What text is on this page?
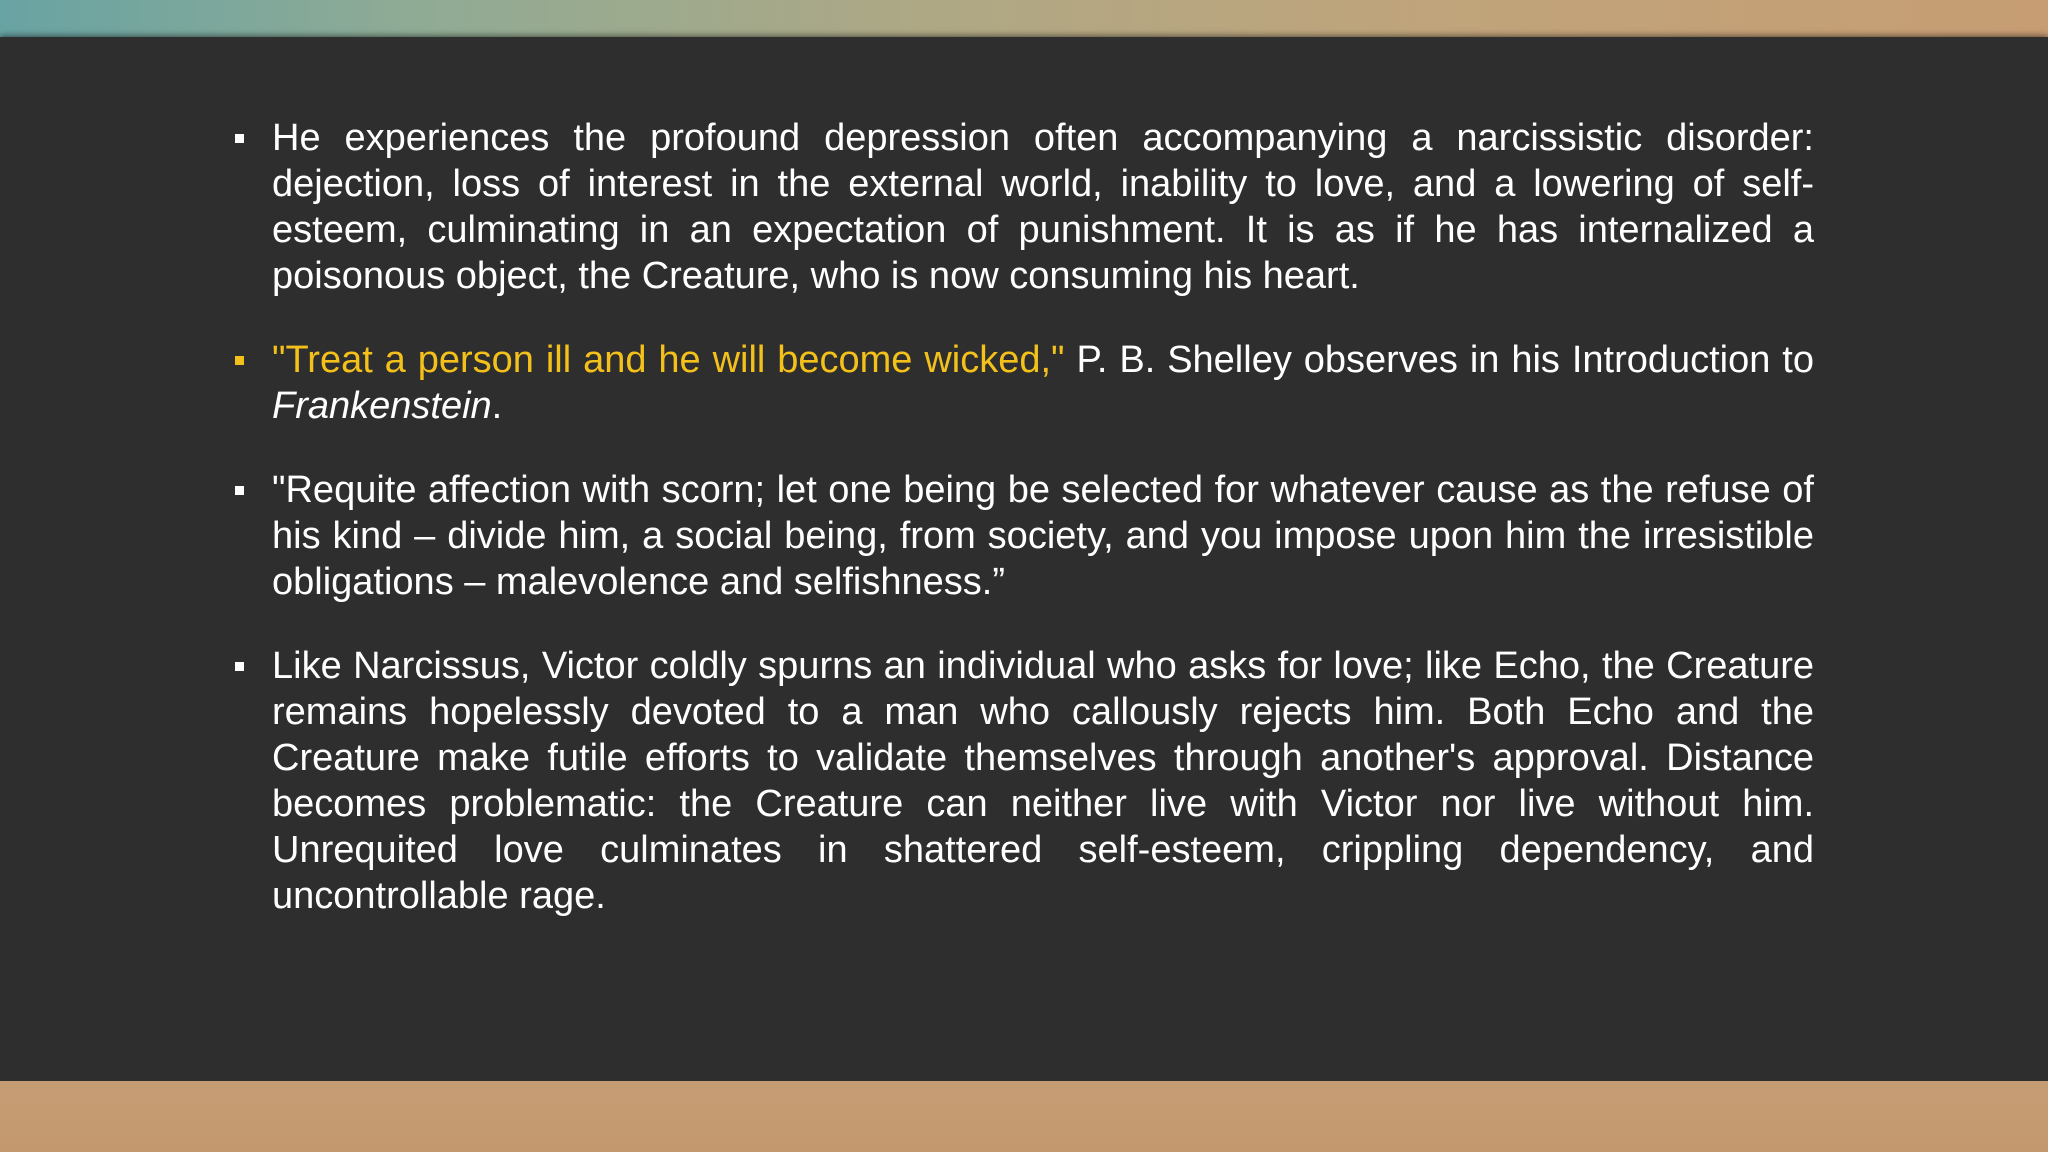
He experiences the profound depression often accompanying a narcissistic disorder: dejection, loss of interest in the external world, inability to love, and a lowering of self-esteem, culminating in an expectation of punishment. It is as if he has internalized a poisonous object, the Creature, who is now consuming his heart.
"Treat a person ill and he will become wicked," P. B. Shelley observes in his Introduction to Frankenstein.
"Requite affection with scorn; let one being be selected for whatever cause as the refuse of his kind – divide him, a social being, from society, and you impose upon him the irresistible obligations – malevolence and selfishness.”
Like Narcissus, Victor coldly spurns an individual who asks for love; like Echo, the Creature remains hopelessly devoted to a man who callously rejects him. Both Echo and the Creature make futile efforts to validate themselves through another's approval. Distance becomes problematic: the Creature can neither live with Victor nor live without him. Unrequited love culminates in shattered self-esteem, crippling dependency, and uncontrollable rage.
